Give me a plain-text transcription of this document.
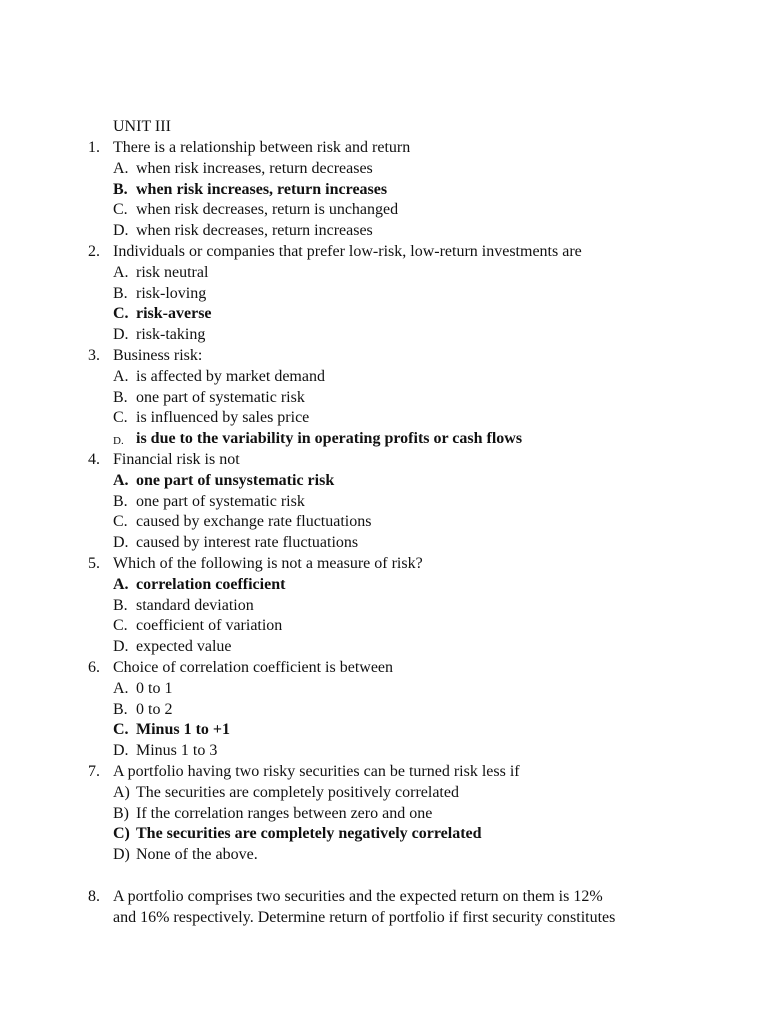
UNIT III
1. There is a relationship between risk and return
A. when risk increases, return decreases
B. when risk increases, return increases
C. when risk decreases, return is unchanged
D. when risk decreases, return increases
2. Individuals or companies that prefer low-risk, low-return investments are
A. risk neutral
B. risk-loving
C. risk-averse
D. risk-taking
3. Business risk:
A. is affected by market demand
B. one part of systematic risk
C. is influenced by sales price
D. is due to the variability in operating profits or cash flows
4. Financial risk is not
A. one part of unsystematic risk
B. one part of systematic risk
C. caused by exchange rate fluctuations
D. caused by interest rate fluctuations
5. Which of the following is not a measure of risk?
A. correlation coefficient
B. standard deviation
C. coefficient of variation
D. expected value
6. Choice of correlation coefficient is between
A. 0 to 1
B. 0 to 2
C. Minus 1 to +1
D. Minus 1 to 3
7. A portfolio having two risky securities can be turned risk less if
A) The securities are completely positively correlated
B) If the correlation ranges between zero and one
C) The securities are completely negatively correlated
D) None of the above.
8. A portfolio comprises two securities and the expected return on them is 12%
and 16% respectively. Determine return of portfolio if first security constitutes
